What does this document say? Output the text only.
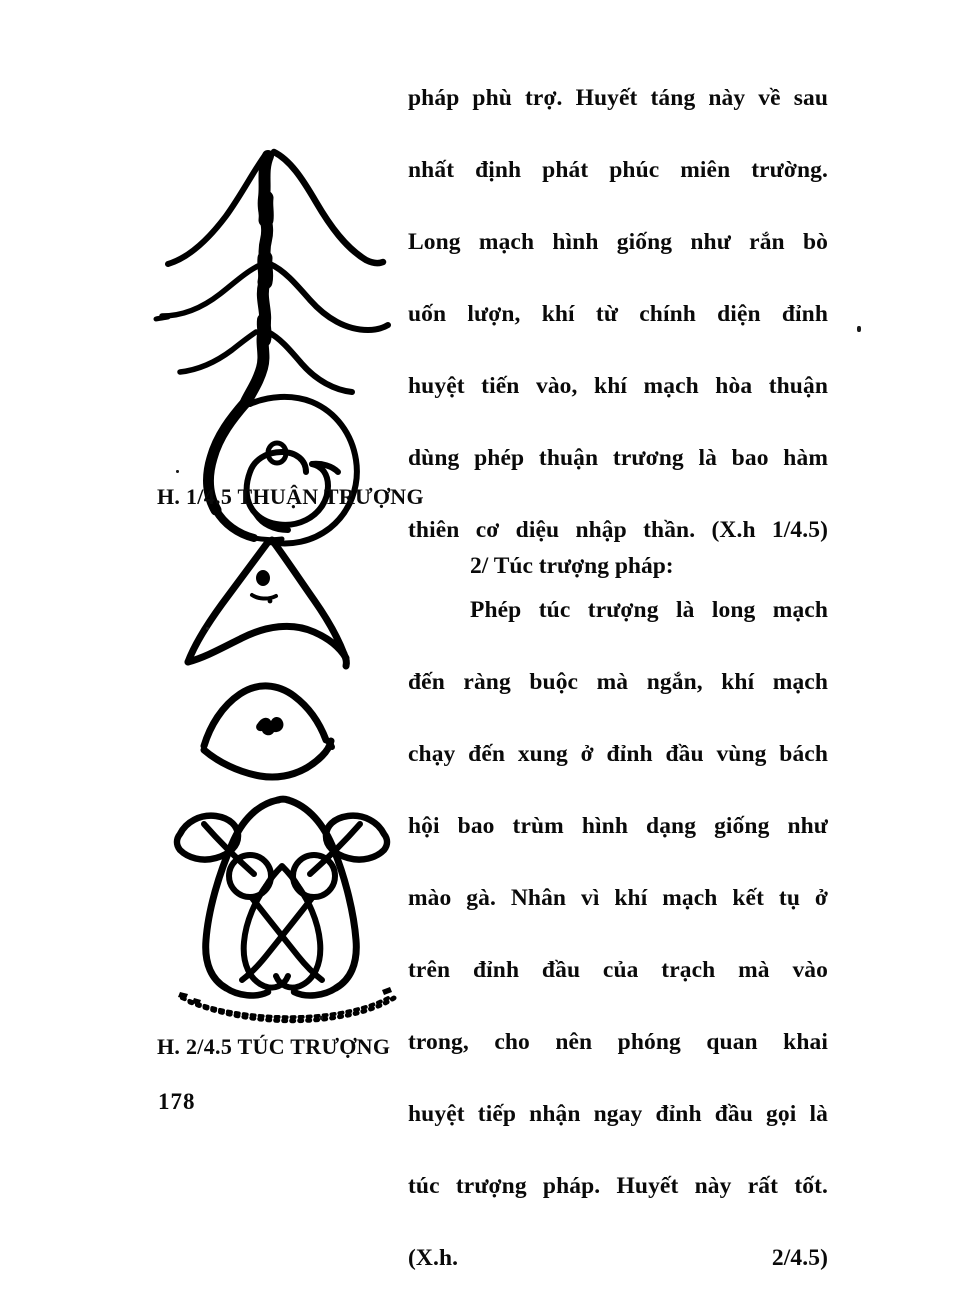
H. 1/4.5 THUẬN TRƯỢNG
H. 2/4.5 TÚC TRƯỢNG

pháp phù trợ. Huyết táng này về sau

nhất định phát phúc miên trường.

Long mạch hình giống như rắn bò

uốn lượn, khí từ chính diện đỉnh

huyệt tiến vào, khí mạch hòa thuận

dùng phép thuận trương là bao hàm

thiên cơ diệu nhập thần. (X.h 1/4.5)

2/ Túc trượng pháp:

Phép túc trượng là long mạch

đến ràng buộc mà ngắn, khí mạch

chạy đến xung ở đỉnh đầu vùng bách

hội bao trùm hình dạng giống như

mào gà. Nhân vì khí mạch kết tụ ở

trên đỉnh đầu của trạch mà vào

trong, cho nên phóng quan khai

huyệt tiếp nhận ngay đỉnh đầu gọi là

túc trượng pháp. Huyết này rất tốt.

(X.h. 2/4.5)

178
